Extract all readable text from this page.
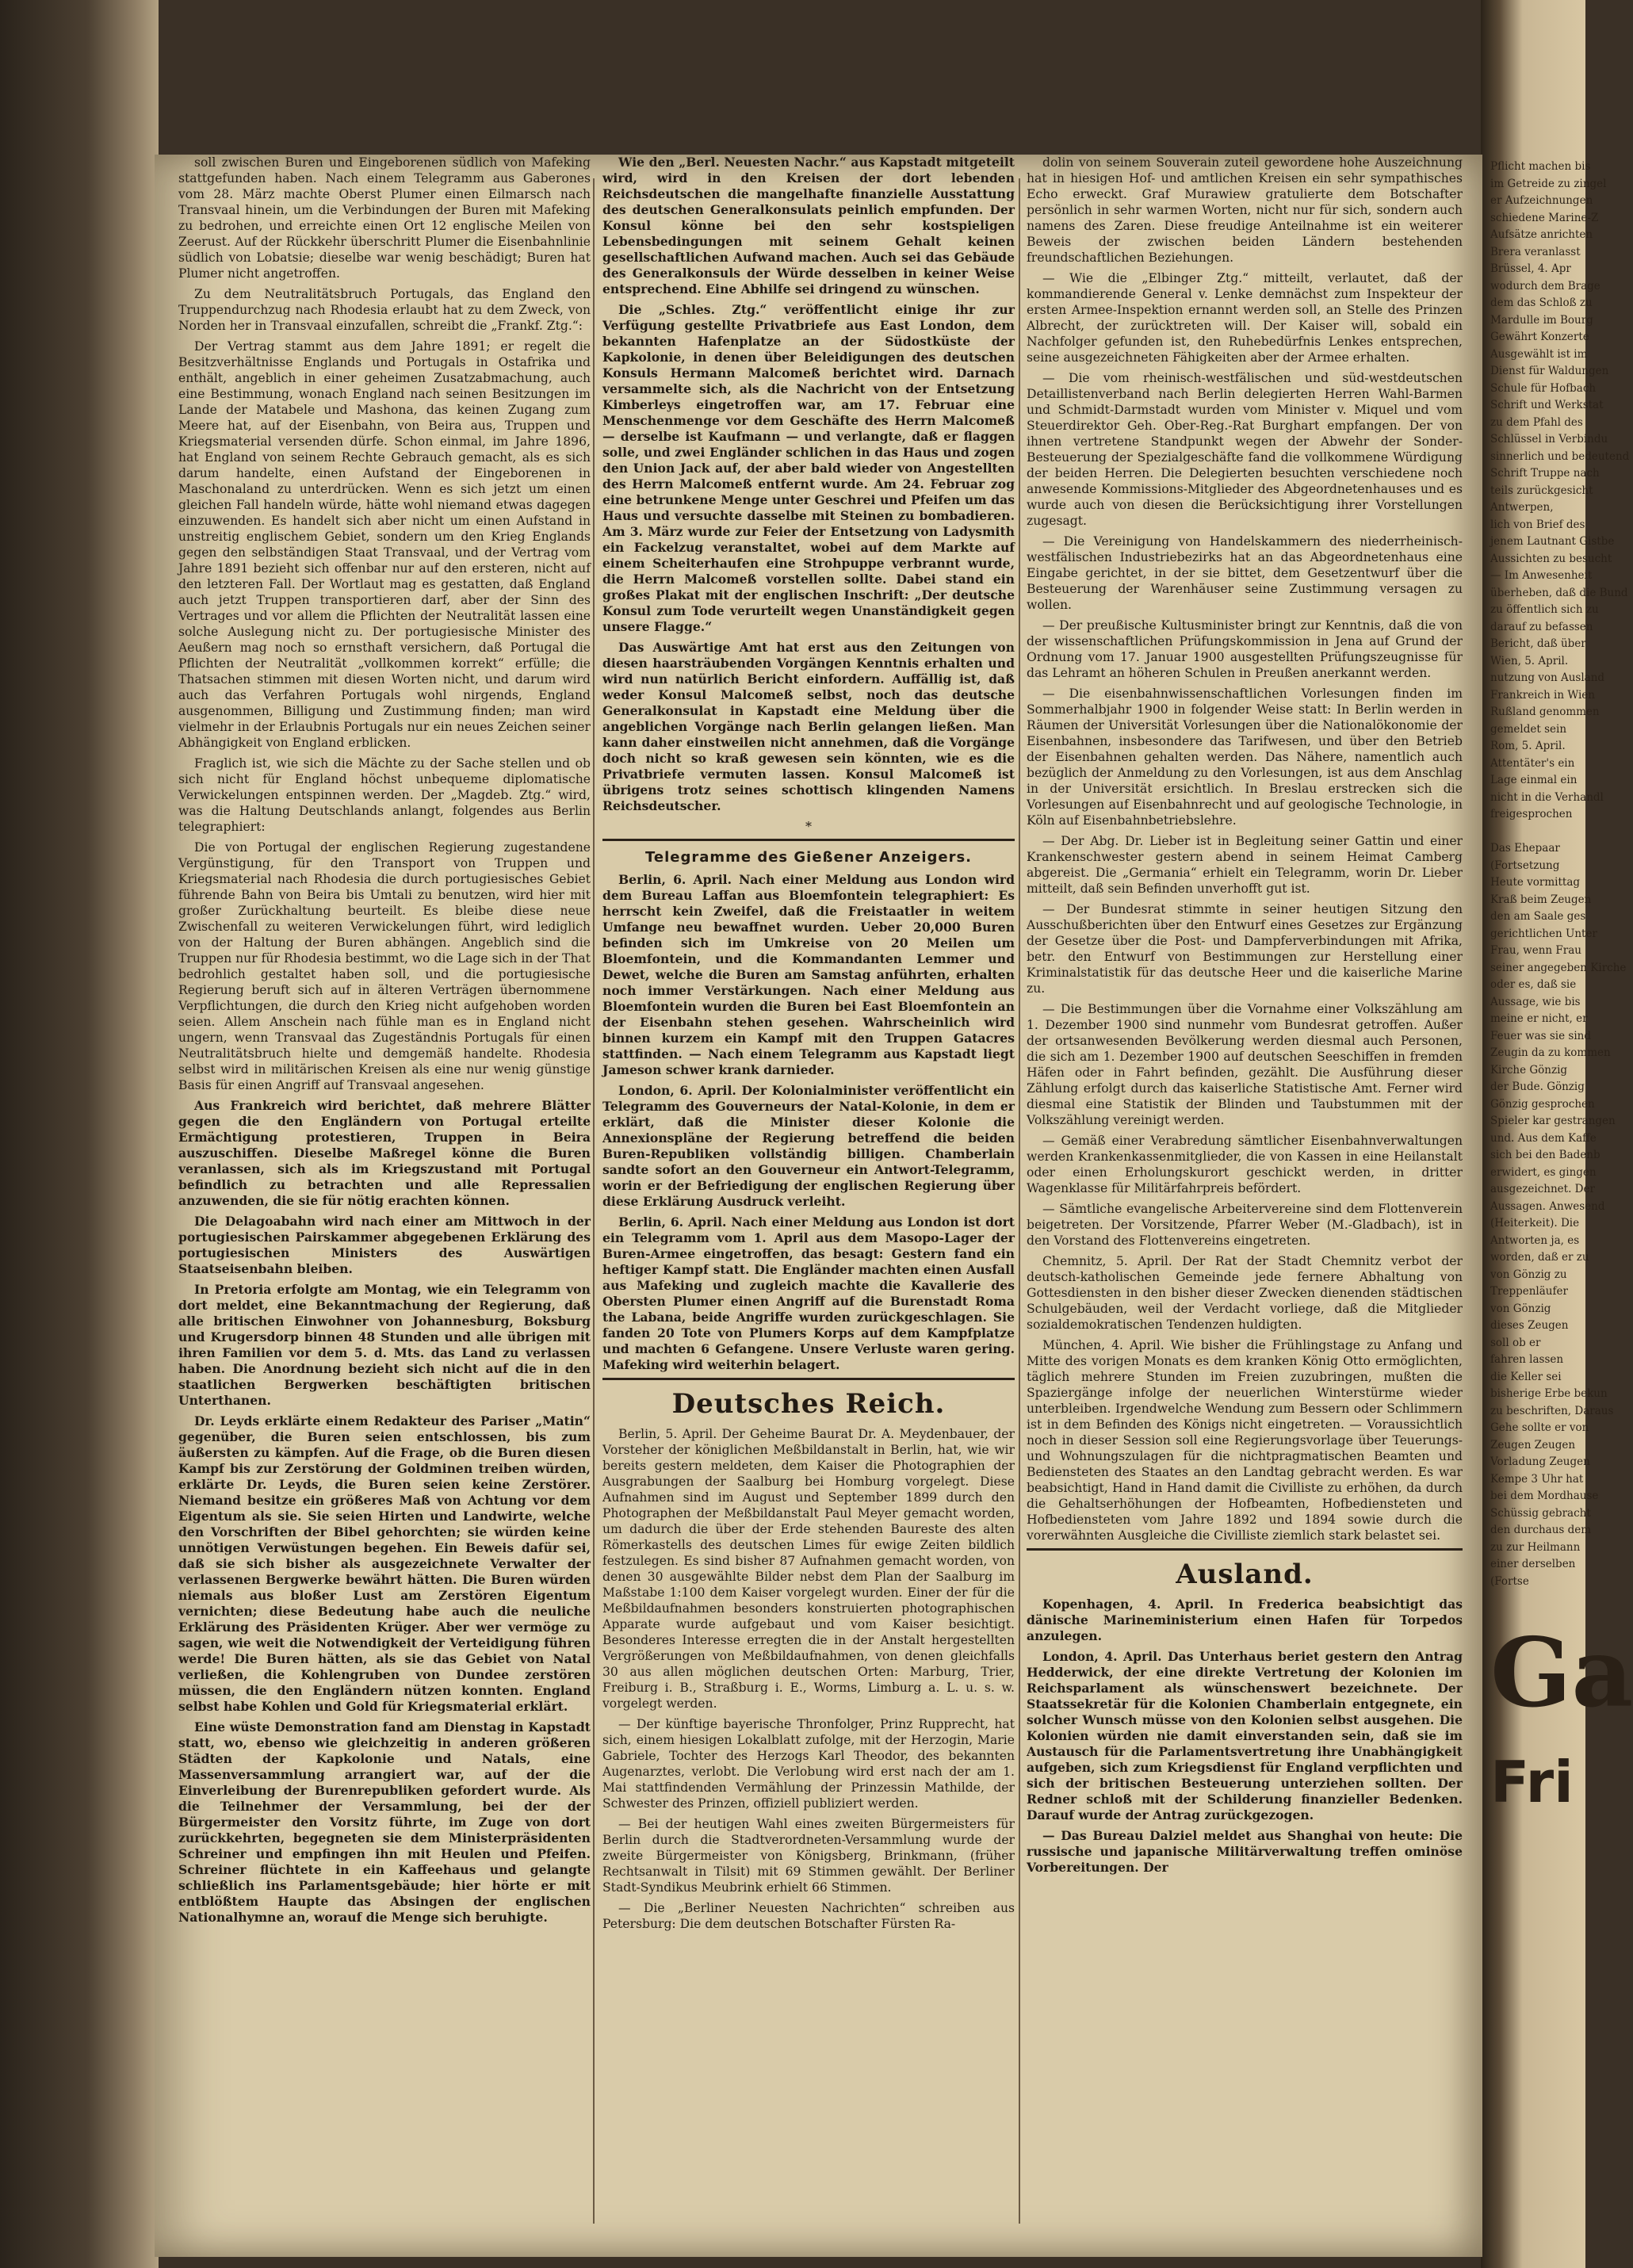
soll zwischen Buren und Eingeborenen südlich von Mafeking stattgefunden haben. Nach einem Telegramm aus Gaberones vom 28. März machte Oberst Plumer einen Eilmarsch nach Transvaal hinein, um die Verbindungen der Buren mit Mafeking zu bedrohen, und erreichte einen Ort 12 englische Meilen von Zeerust. Auf der Rückkehr überschritt Plumer die Eisenbahnlinie südlich von Lobatsie; dieselbe war wenig beschädigt; Buren hat Plumer nicht angetroffen.

Zu dem Neutralitätsbruch Portugals, das England den Truppendurchzug nach Rhodesia erlaubt hat zu dem Zweck, von Norden her in Transvaal einzufallen, schreibt die „Frankf. Ztg.“:

Der Vertrag stammt aus dem Jahre 1891; er regelt die Besitzverhältnisse Englands und Portugals in Ostafrika und enthält, angeblich in einer geheimen Zusatzabmachung, auch eine Bestimmung, wonach England nach seinen Besitzungen im Lande der Matabele und Mashona, das keinen Zugang zum Meere hat, auf der Eisenbahn, von Beira aus, Truppen und Kriegsmaterial versenden dürfe. Schon einmal, im Jahre 1896, hat England von seinem Rechte Gebrauch gemacht, als es sich darum handelte, einen Aufstand der Eingeborenen in Maschonaland zu unterdrücken. Wenn es sich jetzt um einen gleichen Fall handeln würde, hätte wohl niemand etwas dagegen einzuwenden. Es handelt sich aber nicht um einen Aufstand in unstreitig englischem Gebiet, sondern um den Krieg Englands gegen den selbständigen Staat Transvaal, und der Vertrag vom Jahre 1891 bezieht sich offenbar nur auf den ersteren, nicht auf den letzteren Fall. Der Wortlaut mag es gestatten, daß England auch jetzt Truppen transportieren darf, aber der Sinn des Vertrages und vor allem die Pflichten der Neutralität lassen eine solche Auslegung nicht zu. Der portugiesische Minister des Aeußern mag noch so ernsthaft versichern, daß Portugal die Pflichten der Neutralität „vollkommen korrekt“ erfülle; die Thatsachen stimmen mit diesen Worten nicht, und darum wird auch das Verfahren Portugals wohl nirgends, England ausgenommen, Billigung und Zustimmung finden; man wird vielmehr in der Erlaubnis Portugals nur ein neues Zeichen seiner Abhängigkeit von England erblicken.

Fraglich ist, wie sich die Mächte zu der Sache stellen und ob sich nicht für England höchst unbequeme diplomatische Verwickelungen entspinnen werden. Der „Magdeb. Ztg.“ wird, was die Haltung Deutschlands anlangt, folgendes aus Berlin telegraphiert:

Die von Portugal der englischen Regierung zugestandene Vergünstigung, für den Transport von Truppen und Kriegsmaterial nach Rhodesia die durch portugiesisches Gebiet führende Bahn von Beira bis Umtali zu benutzen, wird hier mit großer Zurückhaltung beurteilt. Es bleibe diese neue Zwischenfall zu weiteren Verwickelungen führt, wird lediglich von der Haltung der Buren abhängen. Angeblich sind die Truppen nur für Rhodesia bestimmt, wo die Lage sich in der That bedrohlich gestaltet haben soll, und die portugiesische Regierung beruft sich auf in älteren Verträgen übernommene Verpflichtungen, die durch den Krieg nicht aufgehoben worden seien. Allem Anschein nach fühle man es in England nicht ungern, wenn Transvaal das Zugeständnis Portugals für einen Neutralitätsbruch hielte und demgemäß handelte. Rhodesia selbst wird in militärischen Kreisen als eine nur wenig günstige Basis für einen Angriff auf Transvaal angesehen.

Aus Frankreich wird berichtet, daß mehrere Blätter gegen die den Engländern von Portugal erteilte Ermächtigung protestieren, Truppen in Beira auszuschiffen. Dieselbe Maßregel könne die Buren veranlassen, sich als im Kriegszustand mit Portugal befindlich zu betrachten und alle Repressalien anzuwenden, die sie für nötig erachten können.

Die Delagoabahn wird nach einer am Mittwoch in der portugiesischen Pairskammer abgegebenen Erklärung des portugiesischen Ministers des Auswärtigen Staatseisenbahn bleiben.

In Pretoria erfolgte am Montag, wie ein Telegramm von dort meldet, eine Bekanntmachung der Regierung, daß alle britischen Einwohner von Johannesburg, Boksburg und Krugersdorp binnen 48 Stunden und alle übrigen mit ihren Familien vor dem 5. d. Mts. das Land zu verlassen haben. Die Anordnung bezieht sich nicht auf die in den staatlichen Bergwerken beschäftigten britischen Unterthanen.

Dr. Leyds erklärte einem Redakteur des Pariser „Matin“ gegenüber, die Buren seien entschlossen, bis zum äußersten zu kämpfen. Auf die Frage, ob die Buren diesen Kampf bis zur Zerstörung der Goldminen treiben würden, erklärte Dr. Leyds, die Buren seien keine Zerstörer. Niemand besitze ein größeres Maß von Achtung vor dem Eigentum als sie. Sie seien Hirten und Landwirte, welche den Vorschriften der Bibel gehorchten; sie würden keine unnötigen Verwüstungen begehen. Ein Beweis dafür sei, daß sie sich bisher als ausgezeichnete Verwalter der verlassenen Bergwerke bewährt hätten. Die Buren würden niemals aus bloßer Lust am Zerstören Eigentum vernichten; diese Bedeutung habe auch die neuliche Erklärung des Präsidenten Krüger. Aber wer vermöge zu sagen, wie weit die Notwendigkeit der Verteidigung führen werde! Die Buren hätten, als sie das Gebiet von Natal verließen, die Kohlengruben von Dundee zerstören müssen, die den Engländern nützen konnten. England selbst habe Kohlen und Gold für Kriegsmaterial erklärt.

Eine wüste Demonstration fand am Dienstag in Kapstadt statt, wo, ebenso wie gleichzeitig in anderen größeren Städten der Kapkolonie und Natals, eine Massenversammlung arrangiert war, auf der die Einverleibung der Burenrepubliken gefordert wurde. Als die Teilnehmer der Versammlung, bei der der Bürgermeister den Vorsitz führte, im Zuge von dort zurückkehrten, begegneten sie dem Ministerpräsidenten Schreiner und empfingen ihn mit Heulen und Pfeifen. Schreiner flüchtete in ein Kaffeehaus und gelangte schließlich ins Parlamentsgebäude; hier hörte er mit entblößtem Haupte das Absingen der englischen Nationalhymne an, worauf die Menge sich beruhigte.

Wie den „Berl. Neuesten Nachr.“ aus Kapstadt mitgeteilt wird, wird in den Kreisen der dort lebenden Reichsdeutschen die mangelhafte finanzielle Ausstattung des deutschen Generalkonsulats peinlich empfunden. Der Konsul könne bei den sehr kostspieligen Lebensbedingungen mit seinem Gehalt keinen gesellschaftlichen Aufwand machen. Auch sei das Gebäude des Generalkonsuls der Würde desselben in keiner Weise entsprechend. Eine Abhilfe sei dringend zu wünschen.

Die „Schles. Ztg.“ veröffentlicht einige ihr zur Verfügung gestellte Privatbriefe aus East London, dem bekannten Hafenplatze an der Südostküste der Kapkolonie, in denen über Beleidigungen des deutschen Konsuls Hermann Malcomeß berichtet wird. Darnach versammelte sich, als die Nachricht von der Entsetzung Kimberleys eingetroffen war, am 17. Februar eine Menschenmenge vor dem Geschäfte des Herrn Malcomeß — derselbe ist Kaufmann — und verlangte, daß er flaggen solle, und zwei Engländer schlichen in das Haus und zogen den Union Jack auf, der aber bald wieder von Angestellten des Herrn Malcomeß entfernt wurde. Am 24. Februar zog eine betrunkene Menge unter Geschrei und Pfeifen um das Haus und versuchte dasselbe mit Steinen zu bombadieren. Am 3. März wurde zur Feier der Entsetzung von Ladysmith ein Fackelzug veranstaltet, wobei auf dem Markte auf einem Scheiterhaufen eine Strohpuppe verbrannt wurde, die Herrn Malcomeß vorstellen sollte. Dabei stand ein großes Plakat mit der englischen Inschrift: „Der deutsche Konsul zum Tode verurteilt wegen Unanständigkeit gegen unsere Flagge.“

Das Auswärtige Amt hat erst aus den Zeitungen von diesen haarsträubenden Vorgängen Kenntnis erhalten und wird nun natürlich Bericht einfordern. Auffällig ist, daß weder Konsul Malcomeß selbst, noch das deutsche Generalkonsulat in Kapstadt eine Meldung über die angeblichen Vorgänge nach Berlin gelangen ließen. Man kann daher einstweilen nicht annehmen, daß die Vorgänge doch nicht so kraß gewesen sein könnten, wie es die Privatbriefe vermuten lassen. Konsul Malcomeß ist übrigens trotz seines schottisch klingenden Namens Reichsdeutscher.

*
Telegramme des Gießener Anzeigers.

Berlin, 6. April. Nach einer Meldung aus London wird dem Bureau Laffan aus Bloemfontein telegraphiert: Es herrscht kein Zweifel, daß die Freistaatler in weitem Umfange neu bewaffnet wurden. Ueber 20,000 Buren befinden sich im Umkreise von 20 Meilen um Bloemfontein, und die Kommandanten Lemmer und Dewet, welche die Buren am Samstag anführten, erhalten noch immer Verstärkungen. Nach einer Meldung aus Bloemfontein wurden die Buren bei East Bloemfontein an der Eisenbahn stehen gesehen. Wahrscheinlich wird binnen kurzem ein Kampf mit den Truppen Gatacres stattfinden. — Nach einem Telegramm aus Kapstadt liegt Jameson schwer krank darnieder.

London, 6. April. Der Kolonialminister veröffentlicht ein Telegramm des Gouverneurs der Natal-Kolonie, in dem er erklärt, daß die Minister dieser Kolonie die Annexionspläne der Regierung betreffend die beiden Buren-Republiken vollständig billigen. Chamberlain sandte sofort an den Gouverneur ein Antwort-Telegramm, worin er der Befriedigung der englischen Regierung über diese Erklärung Ausdruck verleiht.

Berlin, 6. April. Nach einer Meldung aus London ist dort ein Telegramm vom 1. April aus dem Masopo-Lager der Buren-Armee eingetroffen, das besagt: Gestern fand ein heftiger Kampf statt. Die Engländer machten einen Ausfall aus Mafeking und zugleich machte die Kavallerie des Obersten Plumer einen Angriff auf die Burenstadt Roma the Labana, beide Angriffe wurden zurückgeschlagen. Sie fanden 20 Tote von Plumers Korps auf dem Kampfplatze und machten 6 Gefangene. Unsere Verluste waren gering. Mafeking wird weiterhin belagert.

Deutsches Reich.

Berlin, 5. April. Der Geheime Baurat Dr. A. Meydenbauer, der Vorsteher der königlichen Meßbildanstalt in Berlin, hat, wie wir bereits gestern meldeten, dem Kaiser die Photographien der Ausgrabungen der Saalburg bei Homburg vorgelegt. Diese Aufnahmen sind im August und September 1899 durch den Photographen der Meßbildanstalt Paul Meyer gemacht worden, um dadurch die über der Erde stehenden Baureste des alten Römerkastells des deutschen Limes für ewige Zeiten bildlich festzulegen. Es sind bisher 87 Aufnahmen gemacht worden, von denen 30 ausgewählte Bilder nebst dem Plan der Saalburg im Maßstabe 1:100 dem Kaiser vorgelegt wurden. Einer der für die Meßbildaufnahmen besonders konstruierten photographischen Apparate wurde aufgebaut und vom Kaiser besichtigt. Besonderes Interesse erregten die in der Anstalt hergestellten Vergrößerungen von Meßbildaufnahmen, von denen gleichfalls 30 aus allen möglichen deutschen Orten: Marburg, Trier, Freiburg i. B., Straßburg i. E., Worms, Limburg a. L. u. s. w. vorgelegt werden.

— Der künftige bayerische Thronfolger, Prinz Rupprecht, hat sich, einem hiesigen Lokalblatt zufolge, mit der Herzogin, Marie Gabriele, Tochter des Herzogs Karl Theodor, des bekannten Augenarztes, verlobt. Die Verlobung wird erst nach der am 1. Mai stattfindenden Vermählung der Prinzessin Mathilde, der Schwester des Prinzen, offiziell publiziert werden.

— Bei der heutigen Wahl eines zweiten Bürgermeisters für Berlin durch die Stadtverordneten-Versammlung wurde der zweite Bürgermeister von Königsberg, Brinkmann, (früher Rechtsanwalt in Tilsit) mit 69 Stimmen gewählt. Der Berliner Stadt-Syndikus Meubrink erhielt 66 Stimmen.

— Die „Berliner Neuesten Nachrichten“ schreiben aus Petersburg: Die dem deutschen Botschafter Fürsten Ra-

dolin von seinem Souverain zuteil gewordene hohe Auszeichnung hat in hiesigen Hof- und amtlichen Kreisen ein sehr sympathisches Echo erweckt. Graf Murawiew gratulierte dem Botschafter persönlich in sehr warmen Worten, nicht nur für sich, sondern auch namens des Zaren. Diese freudige Anteilnahme ist ein weiterer Beweis der zwischen beiden Ländern bestehenden freundschaftlichen Beziehungen.

— Wie die „Elbinger Ztg.“ mitteilt, verlautet, daß der kommandierende General v. Lenke demnächst zum Inspekteur der ersten Armee-Inspektion ernannt werden soll, an Stelle des Prinzen Albrecht, der zurücktreten will. Der Kaiser will, sobald ein Nachfolger gefunden ist, den Ruhebedürfnis Lenkes entsprechen, seine ausgezeichneten Fähigkeiten aber der Armee erhalten.

— Die vom rheinisch-westfälischen und süd-westdeutschen Detaillistenverband nach Berlin delegierten Herren Wahl-Barmen und Schmidt-Darmstadt wurden vom Minister v. Miquel und vom Steuerdirektor Geh. Ober-Reg.-Rat Burghart empfangen. Der von ihnen vertretene Standpunkt wegen der Abwehr der Sonder-Besteuerung der Spezialgeschäfte fand die vollkommene Würdigung der beiden Herren. Die Delegierten besuchten verschiedene noch anwesende Kommissions-Mitglieder des Abgeordnetenhauses und es wurde auch von diesen die Berücksichtigung ihrer Vorstellungen zugesagt.

— Die Vereinigung von Handelskammern des niederrheinisch-westfälischen Industriebezirks hat an das Abgeordnetenhaus eine Eingabe gerichtet, in der sie bittet, dem Gesetzentwurf über die Besteuerung der Warenhäuser seine Zustimmung versagen zu wollen.

— Der preußische Kultusminister bringt zur Kenntnis, daß die von der wissenschaftlichen Prüfungskommission in Jena auf Grund der Ordnung vom 17. Januar 1900 ausgestellten Prüfungszeugnisse für das Lehramt an höheren Schulen in Preußen anerkannt werden.

— Die eisenbahnwissenschaftlichen Vorlesungen finden im Sommerhalbjahr 1900 in folgender Weise statt: In Berlin werden in Räumen der Universität Vorlesungen über die Nationalökonomie der Eisenbahnen, insbesondere das Tarifwesen, und über den Betrieb der Eisenbahnen gehalten werden. Das Nähere, namentlich auch bezüglich der Anmeldung zu den Vorlesungen, ist aus dem Anschlag in der Universität ersichtlich. In Breslau erstrecken sich die Vorlesungen auf Eisenbahnrecht und auf geologische Technologie, in Köln auf Eisenbahnbetriebslehre.

— Der Abg. Dr. Lieber ist in Begleitung seiner Gattin und einer Krankenschwester gestern abend in seinem Heimat Camberg abgereist. Die „Germania“ erhielt ein Telegramm, worin Dr. Lieber mitteilt, daß sein Befinden unverhofft gut ist.

— Der Bundesrat stimmte in seiner heutigen Sitzung den Ausschußberichten über den Entwurf eines Gesetzes zur Ergänzung der Gesetze über die Post- und Dampferverbindungen mit Afrika, betr. den Entwurf von Bestimmungen zur Herstellung einer Kriminalstatistik für das deutsche Heer und die kaiserliche Marine zu.

— Die Bestimmungen über die Vornahme einer Volkszählung am 1. Dezember 1900 sind nunmehr vom Bundesrat getroffen. Außer der ortsanwesenden Bevölkerung werden diesmal auch Personen, die sich am 1. Dezember 1900 auf deutschen Seeschiffen in fremden Häfen oder in Fahrt befinden, gezählt. Die Ausführung dieser Zählung erfolgt durch das kaiserliche Statistische Amt. Ferner wird diesmal eine Statistik der Blinden und Taubstummen mit der Volkszählung vereinigt werden.

— Gemäß einer Verabredung sämtlicher Eisenbahnverwaltungen werden Krankenkassenmitglieder, die von Kassen in eine Heilanstalt oder einen Erholungskurort geschickt werden, in dritter Wagenklasse für Militärfahrpreis befördert.

— Sämtliche evangelische Arbeitervereine sind dem Flottenverein beigetreten. Der Vorsitzende, Pfarrer Weber (M.-Gladbach), ist in den Vorstand des Flottenvereins eingetreten.

Chemnitz, 5. April. Der Rat der Stadt Chemnitz verbot der deutsch-katholischen Gemeinde jede fernere Abhaltung von Gottesdiensten in den bisher dieser Zwecken dienenden städtischen Schulgebäuden, weil der Verdacht vorliege, daß die Mitglieder sozialdemokratischen Tendenzen huldigten.

München, 4. April. Wie bisher die Frühlingstage zu Anfang und Mitte des vorigen Monats es dem kranken König Otto ermöglichten, täglich mehrere Stunden im Freien zuzubringen, mußten die Spaziergänge infolge der neuerlichen Winterstürme wieder unterbleiben. Irgendwelche Wendung zum Bessern oder Schlimmern ist in dem Befinden des Königs nicht eingetreten. — Voraussichtlich noch in dieser Session soll eine Regierungsvorlage über Teuerungs- und Wohnungszulagen für die nichtpragmatischen Beamten und Bediensteten des Staates an den Landtag gebracht werden. Es war beabsichtigt, Hand in Hand damit die Civilliste zu erhöhen, da durch die Gehaltserhöhungen der Hofbeamten, Hofbediensteten und Hofbediensteten vom Jahre 1892 und 1894 sowie durch die vorerwähnten Ausgleiche die Civilliste ziemlich stark belastet sei.

Ausland.

Kopenhagen, 4. April. In Frederica beabsichtigt das dänische Marineministerium einen Hafen für Torpedos anzulegen.

London, 4. April. Das Unterhaus beriet gestern den Antrag Hedderwick, der eine direkte Vertretung der Kolonien im Reichsparlament als wünschenswert bezeichnete. Der Staatssekretär für die Kolonien Chamberlain entgegnete, ein solcher Wunsch müsse von den Kolonien selbst ausgehen. Die Kolonien würden nie damit einverstanden sein, daß sie im Austausch für die Parlamentsvertretung ihre Unabhängigkeit aufgeben, sich zum Kriegsdienst für England verpflichten und sich der britischen Besteuerung unterziehen sollten. Der Redner schloß mit der Schilderung finanzieller Bedenken. Darauf wurde der Antrag zurückgezogen.

— Das Bureau Dalziel meldet aus Shanghai von heute: Die russische und japanische Militärverwaltung treffen ominöse Vorbereitungen. Der

Pflicht machen bis
im Getreide zu zingel
er Aufzeichnungen
schiedene Marine-Z
Aufsätze anrichten
Brera veranlasst
Brüssel, 4. Apr
wodurch dem Brage
dem das Schloß zu
Mardulle im Bourg
Gewährt Konzerte
Ausgewählt ist im
Dienst für Waldungen
Schule für Hofbach
Schrift und Werkstat
zu dem Pfahl des
Schlüssel in Verbindu
sinnerlich und bedeutend
Schrift Truppe nach
teils zurückgesicht
Antwerpen,
lich von Brief des
jenem Lautnant Gistbe
Aussichten zu besucht
— Im Anwesenheit
überheben, daß die Bund
zu öffentlich sich zu
darauf zu befassen
Bericht, daß über
Wien, 5. April.
nutzung von Ausland
Frankreich in Wien
Rußland genommen
gemeldet sein
Rom, 5. April.
Attentäter's ein
Lage einmal ein
nicht in die Verhandl
freigesprochen

Das Ehepaar
(Fortsetzung
Heute vormittag
Kraß beim Zeugen
den am Saale ges
gerichtlichen Unter
Frau, wenn Frau
seiner angegeben Kirche
oder es, daß sie
Aussage, wie bis
meine er nicht, er
Feuer was sie sind
Zeugin da zu kommen
Kirche Gönzig
der Bude. Gönzig
Gönzig gesprochen
Spieler kar gestrangen
und. Aus dem Kaffe
sich bei den Badenb
erwidert, es gingen
ausgezeichnet. Der
Aussagen. Anwesend
(Heiterkeit). Die
Antworten ja, es
worden, daß er zu
von Gönzig zu
Treppenläufer
von Gönzig
dieses Zeugen
soll ob er
fahren lassen
die Keller sei
bisherige Erbe bekun
zu beschriften, Daraus
Gehe sollte er von
Zeugen Zeugen
Vorladung Zeugen
Kempe 3 Uhr hat
bei dem Mordhause
Schüssig gebracht
den durchaus dem
zu zur Heilmann
einer derselben
(Fortse
Ga
Fri
